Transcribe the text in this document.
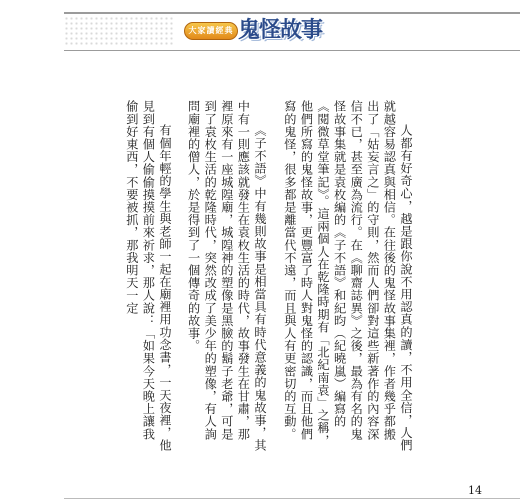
大家讀經典 鬼怪故事

人都有好奇心，越是跟你說不用認真的讀，不用全信，人們就越容易認真與相信。在往後的鬼怪故事集裡，作者幾乎都搬出了「姑妄言之」的守則，然而人們卻對這些新著作的內容深信不已，甚至廣為流行。在《聊齋誌異》之後，最為有名的鬼怪故事集就是袁枚編的《子不語》和紀昀（紀曉嵐）編寫的《閱微草堂筆記》。這兩個人在乾隆時期有「北紀南袁」之稱，他們所寫的鬼怪故事，更豐富了時人對鬼怪的認識，而且他們寫的鬼怪，很多都是離當代不遠，而且與人有更密切的互動。

《子不語》中有幾則故事是相當具有時代意義的鬼故事，其中有一則應該就發生在袁枚生活的時代，故事發生在甘肅，那裡原來有一座城隍廟，城隍神的塑像是黑臉的鬍子老爺，可是到了袁枚生活的乾隆時代，突然改成了美少年的塑像，有人詢問廟裡的僧人，於是得到了一個傳奇的故事。

有個年輕的學生與老師一起在廟裡用功念書，一天夜裡，他見到有個人偷偷摸摸前來祈求，那人說：「如果今天晚上讓我偷到好東西，不要被抓，那我明天一定

14
